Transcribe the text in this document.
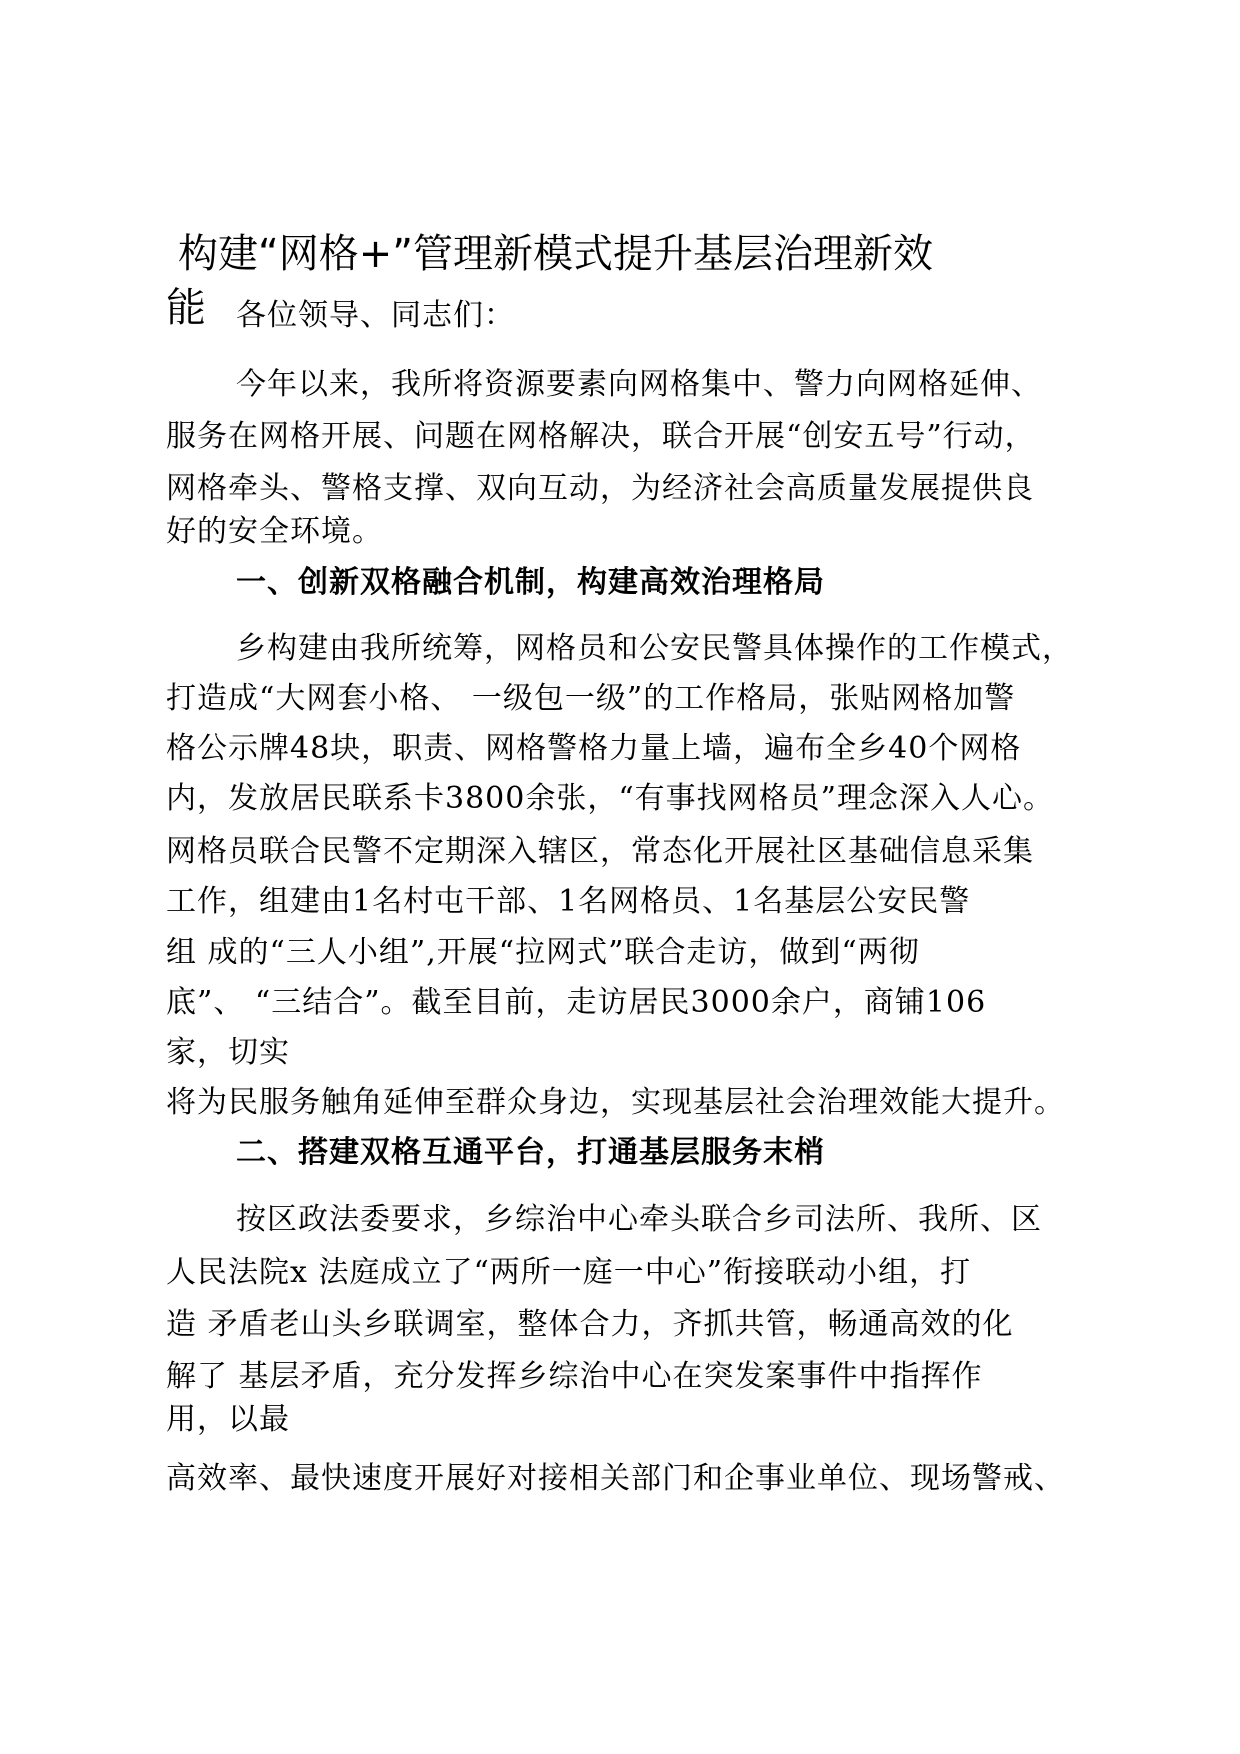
构建“网格+”管理新模式提升基层治理新效
能 各位领导、同志们：
今年以来，我所将资源要素向网格集中、警力向网格延伸、
服务在网格开展、问题在网格解决，联合开展“创安五号”行动，
网格牵头、警格支撑、双向互动，为经济社会高质量发展提供良
好的安全环境。
一、创新双格融合机制，构建高效治理格局
乡构建由我所统筹，网格员和公安民警具体操作的工作模式，
打造成“大网套小格、 一级包一级”的工作格局，张贴网格加警
格公示牌48块，职责、网格警格力量上墙，遍布全乡40个网格
内，发放居民联系卡3800余张，“有事找网格员”理念深入人心。
网格员联合民警不定期深入辖区，常态化开展社区基础信息采集
工作，组建由1名村屯干部、1名网格员、1名基层公安民警
组 成的“三人小组”,开展“拉网式”联合走访，做到“两彻
底”、 “三结合”。截至目前，走访居民3000余户，商铺106
家，切实
将为民服务触角延伸至群众身边，实现基层社会治理效能大提升。
二、搭建双格互通平台，打通基层服务末梢
按区政法委要求，乡综治中心牵头联合乡司法所、我所、区
人民法院x 法庭成立了“两所一庭一中心”衔接联动小组，打
造 矛盾老山头乡联调室，整体合力，齐抓共管，畅通高效的化
解了 基层矛盾，充分发挥乡综治中心在突发案事件中指挥作
用，以最
高效率、最快速度开展好对接相关部门和企事业单位、现场警戒、
